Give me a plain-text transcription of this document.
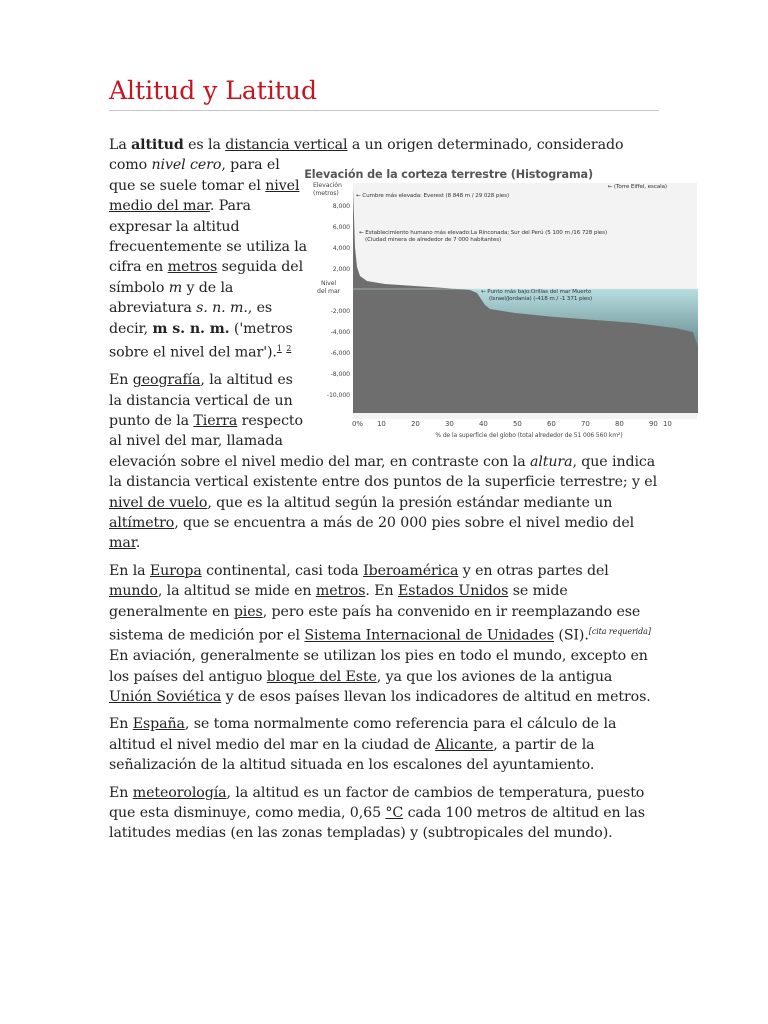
Altitud y Latitud

La altitud es la distancia vertical a un origen determinado, considerado como
Elevación de la corteza terrestre (Histograma)
Elevación
(metros)
8,000
6,000
4,000
2,000
Nivel
del mar
-2,000
-4,000
-6,000
-8,000
-10,000
0% 10	20	30	40	50	60	70	80	90 10
← (Torre Eiffel, escala)
← Cumbre más elevada: Everest (8 848 m / 29 028 pies)
← Establecimiento humano más elevado:La Rinconada; Sur del Perú (5 100 m /16 728 pies)
(Ciudad minera de alrededor de 7 000 habitantes)
← Punto más bajo:Orillas del mar Muerto
(Israel/Jordania) (-418 m / -1 371 pies)
% de la superficie del globo (total alrededor de 51 006 560 km²)
nivel cero, para el que se suele tomar el nivel medio del mar. Para expresar la altitud frecuentemente se utiliza la cifra en metros seguida del símbolo m y de la abreviatura s. n. m., es decir, m s. n. m. ('metros sobre el nivel del mar').$^1$ $^2$

En geografía, la altitud es la distancia vertical de un punto de la Tierra respecto al nivel del mar, llamada elevación sobre el nivel medio del mar, en contraste con la altura, que indica la distancia vertical existente entre dos puntos de la superficie terrestre; y el nivel de vuelo, que es la altitud según la presión estándar mediante un altímetro, que se encuentra a más de 20 000 pies sobre el nivel medio del mar.

En la Europa continental, casi toda Iberoamérica y en otras partes del mundo, la altitud se mide en metros. En Estados Unidos se mide generalmente en pies, pero este país ha convenido en ir reemplazando ese sistema de medición por el Sistema Internacional de Unidades (SI).[cita requerida] En aviación, generalmente se utilizan los pies en todo el mundo, excepto en los países del antiguo bloque del Este, ya que los aviones de la antigua Unión Soviética y de esos países llevan los indicadores de altitud en metros.

En España, se toma normalmente como referencia para el cálculo de la altitud el nivel medio del mar en la ciudad de Alicante, a partir de la señalización de la altitud situada en los escalones del ayuntamiento.

En meteorología, la altitud es un factor de cambios de temperatura, puesto que esta disminuye, como media, 0,65 °C cada 100 metros de altitud en las latitudes medias (en las zonas templadas) y (subtropicales del mundo).
